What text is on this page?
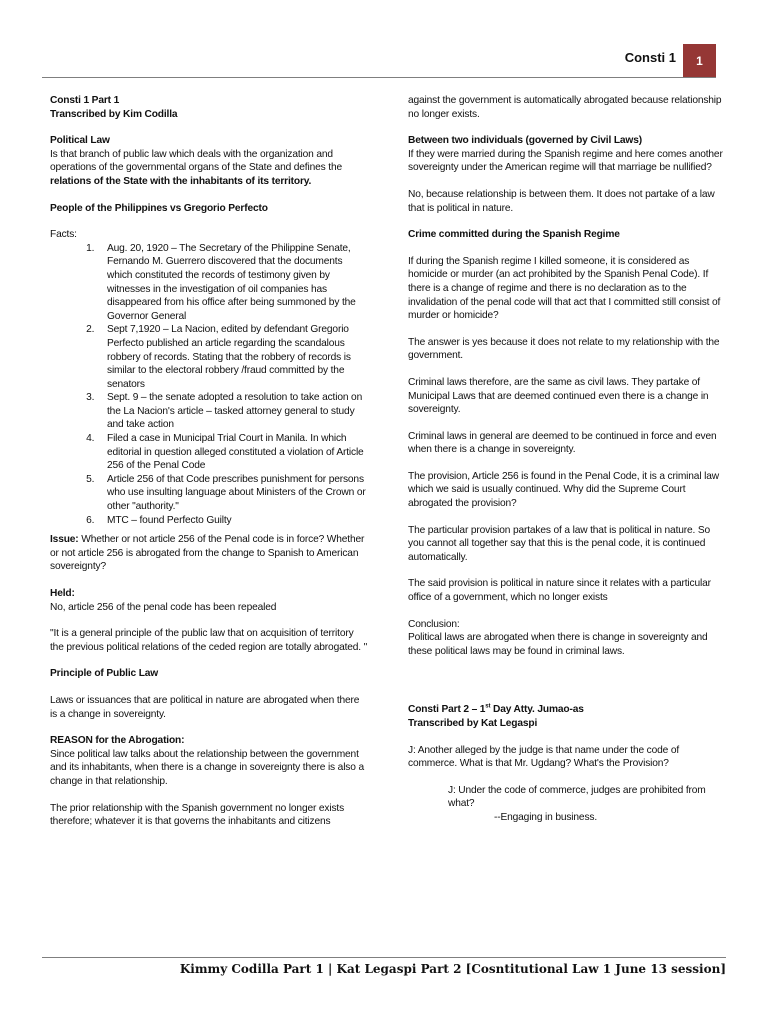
Consti 1	1

Consti 1 Part 1

Transcribed by Kim Codilla

Political Law

Is that branch of public law which deals with the organization and operations of the governmental organs of the State and defines the relations of the State with the inhabitants of its territory.

People of the Philippines vs Gregorio Perfecto

Facts:

1. Aug. 20, 1920 – The Secretary of the Philippine Senate, Fernando M. Guerrero discovered that the documents which constituted the records of testimony given by witnesses in the investigation of oil companies has disappeared from his office after being summoned by the Governor General
2. Sept 7,1920 – La Nacion, edited by defendant Gregorio Perfecto published an article regarding the scandalous robbery of records. Stating that the robbery of records is similar to the electoral robbery /fraud committed by the senators
3. Sept. 9 – the senate adopted a resolution to take action on the La Nacion's article – tasked attorney general to study and take action
4. Filed a case in Municipal Trial Court in Manila. In which editorial in question alleged constituted a violation of Article 256 of the Penal Code
5. Article 256 of that Code prescribes punishment for persons who use insulting language about Ministers of the Crown or other "authority."
6. MTC – found Perfecto Guilty

Issue: Whether or not article 256 of the Penal code is in force? Whether or not article 256 is abrogated from the change to Spanish to American sovereignty?

Held:

No, article 256 of the penal code has been repealed

"It is a general principle of the public law that on acquisition of territory the previous political relations of the ceded region are totally abrogated. "

Principle of Public Law

Laws or issuances that are political in nature are abrogated when there is a change in sovereignty.

REASON for the Abrogation:

Since political law talks about the relationship between the government and its inhabitants, when there is a change in sovereignty there is also a change in that relationship.

The prior relationship with the Spanish government no longer exists therefore; whatever it is that governs the inhabitants and citizens

against the government is automatically abrogated because relationship no longer exists.

Between two individuals (governed by Civil Laws)

If they were married during the Spanish regime and here comes another sovereignty under the American regime will that marriage be nullified?

No, because relationship is between them. It does not partake of a law that is political in nature.

Crime committed during the Spanish Regime

If during the Spanish regime I killed someone, it is considered as homicide or murder (an act prohibited by the Spanish Penal Code). If there is a change of regime and there is no declaration as to the invalidation of the penal code will that act that I committed still consist of murder or homicide?

The answer is yes because it does not relate to my relationship with the government.

Criminal laws therefore, are the same as civil laws. They partake of Municipal Laws that are deemed continued even there is a change in sovereignty.

Criminal laws in general are deemed to be continued in force and even when there is a change in sovereignty.

The provision, Article 256 is found in the Penal Code, it is a criminal law which we said is usually continued. Why did the Supreme Court abrogated the provision?

The particular provision partakes of a law that is political in nature. So you cannot all together say that this is the penal code, it is continued automatically.

The said provision is political in nature since it relates with a particular office of a government, which no longer exists

Conclusion:

Political laws are abrogated when there is change in sovereignty and these political laws may be found in criminal laws.

Consti Part 2 – 1st Day Atty. Jumao-as

Transcribed by Kat Legaspi

J: Another alleged by the judge is that name under the code of commerce. What is that Mr. Ugdang? What's the Provision?

J: Under the code of commerce, judges are prohibited from what?

--Engaging in business.

Kimmy Codilla Part 1 | Kat Legaspi Part 2 [Cosntitutional Law 1 June 13 session]
